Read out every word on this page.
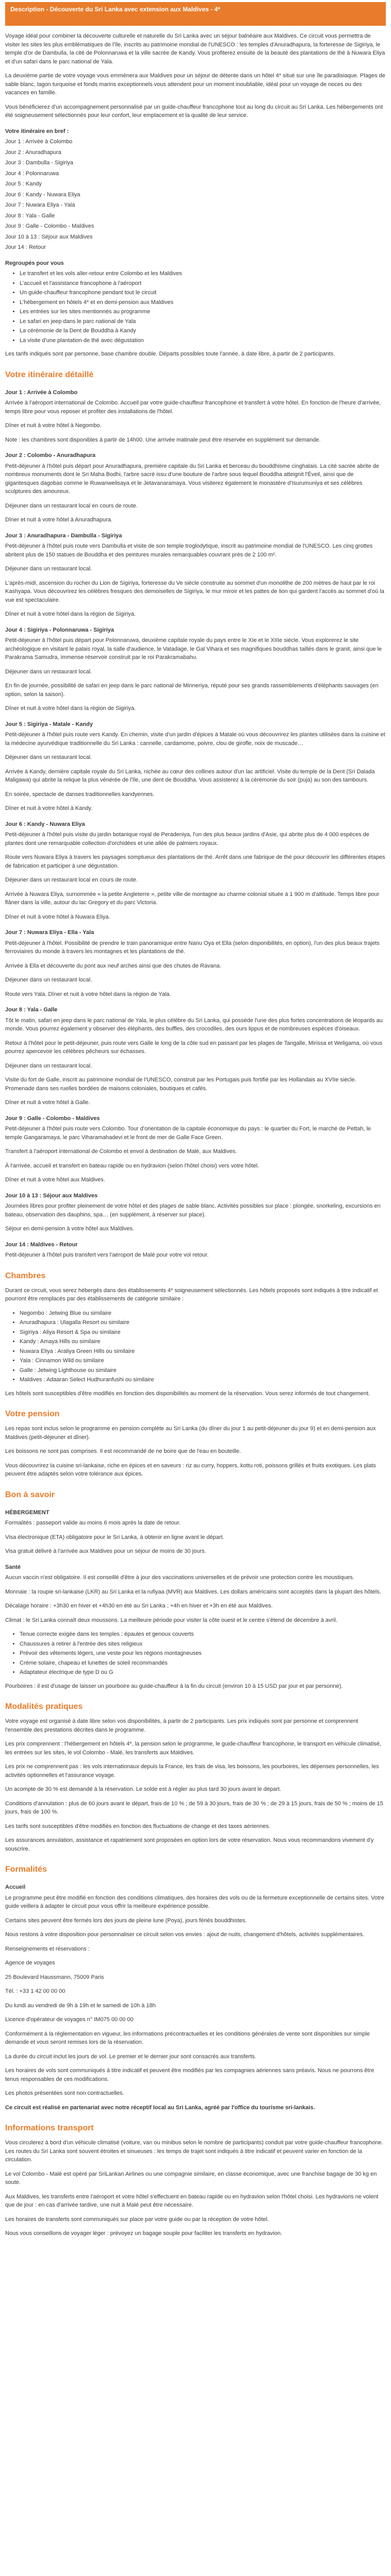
Description - Découverte du Sri Lanka avec extension aux Maldives - 4*

Voyage idéal pour combiner la découverte culturelle et naturelle du Sri Lanka avec un séjour balnéaire aux Maldives. Ce circuit vous permettra de visiter les sites les plus emblématiques de l'île, inscrits au patrimoine mondial de l'UNESCO : les temples d'Anuradhapura, la forteresse de Sigiriya, le temple d'or de Dambulla, la cité de Polonnaruwa et la ville sacrée de Kandy. Vous profiterez ensuite de la beauté des plantations de thé à Nuwara Eliya et d'un safari dans le parc national de Yala.

La deuxième partie de votre voyage vous emmènera aux Maldives pour un séjour de détente dans un hôtel 4* situé sur une île paradisiaque. Plages de sable blanc, lagon turquoise et fonds marins exceptionnels vous attendent pour un moment inoubliable, idéal pour un voyage de noces ou des vacances en famille.

Vous bénéficierez d'un accompagnement personnalisé par un guide-chauffeur francophone tout au long du circuit au Sri Lanka. Les hébergements ont été soigneusement sélectionnés pour leur confort, leur emplacement et la qualité de leur service.

Votre itinéraire en bref :

Jour 1 : Arrivée à Colombo

Jour 2 : Anuradhapura

Jour 3 : Dambulla - Sigiriya

Jour 4 : Polonnaruwa

Jour 5 : Kandy

Jour 6 : Kandy - Nuwara Eliya

Jour 7 : Nuwara Eliya - Yala

Jour 8 : Yala - Galle

Jour 9 : Galle - Colombo - Maldives

Jour 10 à 13 : Séjour aux Maldives

Jour 14 : Retour

Regroupés pour vous
• Le transfert et les vols aller-retour entre Colombo et les Maldives
• L'accueil et l'assistance francophone à l'aéroport
• Un guide-chauffeur francophone pendant tout le circuit
• L'hébergement en hôtels 4* et en demi-pension aux Maldives
• Les entrées sur les sites mentionnés au programme
• Le safari en jeep dans le parc national de Yala
• La cérémonie de la Dent de Bouddha à Kandy
• La visite d'une plantation de thé avec dégustation

Les tarifs indiqués sont par personne, base chambre double. Départs possibles toute l'année, à date libre, à partir de 2 participants.

Votre itinéraire détaillé
Jour 1 : Arrivée à Colombo

Arrivée à l'aéroport international de Colombo. Accueil par votre guide-chauffeur francophone et transfert à votre hôtel. En fonction de l'heure d'arrivée, temps libre pour vous reposer et profiter des installations de l'hôtel.

Dîner et nuit à votre hôtel à Negombo.

Note : les chambres sont disponibles à partir de 14h00. Une arrivée matinale peut être réservée en supplément sur demande.

Jour 2 : Colombo - Anuradhapura

Petit-déjeuner à l'hôtel puis départ pour Anuradhapura, première capitale du Sri Lanka et berceau du bouddhisme cinghalais. La cité sacrée abrite de nombreux monuments dont le Sri Maha Bodhi, l'arbre sacré issu d'une bouture de l'arbre sous lequel Bouddha atteignit l'Éveil, ainsi que de gigantesques dagobas comme le Ruwanwelisaya et le Jetavanaramaya. Vous visiterez également le monastère d'Isurumuniya et ses célèbres sculptures des amoureux.

Déjeuner dans un restaurant local en cours de route.

Dîner et nuit à votre hôtel à Anuradhapura.

Jour 3 : Anuradhapura - Dambulla - Sigiriya

Petit-déjeuner à l'hôtel puis route vers Dambulla et visite de son temple troglodytique, inscrit au patrimoine mondial de l'UNESCO. Les cinq grottes abritent plus de 150 statues de Bouddha et des peintures murales remarquables couvrant près de 2 100 m².

Déjeuner dans un restaurant local.

L'après-midi, ascension du rocher du Lion de Sigiriya, forteresse du Ve siècle construite au sommet d'un monolithe de 200 mètres de haut par le roi Kashyapa. Vous découvrirez les célèbres fresques des demoiselles de Sigiriya, le mur miroir et les pattes de lion qui gardent l'accès au sommet d'où la vue est spectaculaire.

Dîner et nuit à votre hôtel dans la région de Sigiriya.

Jour 4 : Sigiriya - Polonnaruwa - Sigiriya

Petit-déjeuner à l'hôtel puis départ pour Polonnaruwa, deuxième capitale royale du pays entre le XIe et le XIIIe siècle. Vous explorerez le site archéologique en visitant le palais royal, la salle d'audience, le Vatadage, le Gal Vihara et ses magnifiques bouddhas taillés dans le granit, ainsi que le Parakrama Samudra, immense réservoir construit par le roi Parakramabahu.

Déjeuner dans un restaurant local.

En fin de journée, possibilité de safari en jeep dans le parc national de Minneriya, réputé pour ses grands rassemblements d'éléphants sauvages (en option, selon la saison).

Dîner et nuit à votre hôtel dans la région de Sigiriya.

Jour 5 : Sigiriya - Matale - Kandy

Petit-déjeuner à l'hôtel puis route vers Kandy. En chemin, visite d'un jardin d'épices à Matale où vous découvrirez les plantes utilisées dans la cuisine et la médecine ayurvédique traditionnelle du Sri Lanka : cannelle, cardamome, poivre, clou de girofle, noix de muscade…

Déjeuner dans un restaurant local.

Arrivée à Kandy, dernière capitale royale du Sri Lanka, nichée au cœur des collines autour d'un lac artificiel. Visite du temple de la Dent (Sri Dalada Maligawa) qui abrite la relique la plus vénérée de l'île, une dent de Bouddha. Vous assisterez à la cérémonie du soir (puja) au son des tambours.

En soirée, spectacle de danses traditionnelles kandyennes.

Dîner et nuit à votre hôtel à Kandy.

Jour 6 : Kandy - Nuwara Eliya

Petit-déjeuner à l'hôtel puis visite du jardin botanique royal de Peradeniya, l'un des plus beaux jardins d'Asie, qui abrite plus de 4 000 espèces de plantes dont une remarquable collection d'orchidées et une allée de palmiers royaux.

Route vers Nuwara Eliya à travers les paysages somptueux des plantations de thé. Arrêt dans une fabrique de thé pour découvrir les différentes étapes de fabrication et participer à une dégustation.

Déjeuner dans un restaurant local en cours de route.

Arrivée à Nuwara Eliya, surnommée « la petite Angleterre », petite ville de montagne au charme colonial située à 1 900 m d'altitude. Temps libre pour flâner dans la ville, autour du lac Gregory et du parc Victoria.

Dîner et nuit à votre hôtel à Nuwara Eliya.

Jour 7 : Nuwara Eliya - Ella - Yala

Petit-déjeuner à l'hôtel. Possibilité de prendre le train panoramique entre Nanu Oya et Ella (selon disponibilités, en option), l'un des plus beaux trajets ferroviaires du monde à travers les montagnes et les plantations de thé.

Arrivée à Ella et découverte du pont aux neuf arches ainsi que des chutes de Ravana.

Déjeuner dans un restaurant local.

Route vers Yala. Dîner et nuit à votre hôtel dans la région de Yala.

Jour 8 : Yala - Galle

Tôt le matin, safari en jeep dans le parc national de Yala, le plus célèbre du Sri Lanka, qui possède l'une des plus fortes concentrations de léopards au monde. Vous pourrez également y observer des éléphants, des buffles, des crocodiles, des ours lippus et de nombreuses espèces d'oiseaux.

Retour à l'hôtel pour le petit-déjeuner, puis route vers Galle le long de la côte sud en passant par les plages de Tangalle, Mirissa et Weligama, où vous pourrez apercevoir les célèbres pêcheurs sur échasses.

Déjeuner dans un restaurant local.

Visite du fort de Galle, inscrit au patrimoine mondial de l'UNESCO, construit par les Portugais puis fortifié par les Hollandais au XVIIe siècle. Promenade dans ses ruelles bordées de maisons coloniales, boutiques et cafés.

Dîner et nuit à votre hôtel à Galle.

Jour 9 : Galle - Colombo - Maldives

Petit-déjeuner à l'hôtel puis route vers Colombo. Tour d'orientation de la capitale économique du pays : le quartier du Fort, le marché de Pettah, le temple Gangaramaya, le parc Viharamahadevi et le front de mer de Galle Face Green.

Transfert à l'aéroport international de Colombo et envol à destination de Malé, aux Maldives.

À l'arrivée, accueil et transfert en bateau rapide ou en hydravion (selon l'hôtel choisi) vers votre hôtel.

Dîner et nuit à votre hôtel aux Maldives.

Jour 10 à 13 : Séjour aux Maldives

Journées libres pour profiter pleinement de votre hôtel et des plages de sable blanc. Activités possibles sur place : plongée, snorkeling, excursions en bateau, observation des dauphins, spa… (en supplément, à réserver sur place).

Séjour en demi-pension à votre hôtel aux Maldives.

Jour 14 : Maldives - Retour

Petit-déjeuner à l'hôtel puis transfert vers l'aéroport de Malé pour votre vol retour.

Chambres

Durant ce circuit, vous serez hébergés dans des établissements 4* soigneusement sélectionnés. Les hôtels proposés sont indiqués à titre indicatif et pourront être remplacés par des établissements de catégorie similaire :

• Negombo : Jetwing Blue ou similaire
• Anuradhapura : Ulagalla Resort ou similaire
• Sigiriya : Aliya Resort & Spa ou similaire
• Kandy : Amaya Hills ou similaire
• Nuwara Eliya : Araliya Green Hills ou similaire
• Yala : Cinnamon Wild ou similaire
• Galle : Jetwing Lighthouse ou similaire
• Maldives : Adaaran Select Hudhuranfushi ou similaire

Les hôtels sont susceptibles d'être modifiés en fonction des disponibilités au moment de la réservation. Vous serez informés de tout changement.

Votre pension

Les repas sont inclus selon le programme en pension complète au Sri Lanka (du dîner du jour 1 au petit-déjeuner du jour 9) et en demi-pension aux Maldives (petit-déjeuner et dîner).

Les boissons ne sont pas comprises. Il est recommandé de ne boire que de l'eau en bouteille.

Vous découvrirez la cuisine sri-lankaise, riche en épices et en saveurs : riz au curry, hoppers, kottu roti, poissons grillés et fruits exotiques. Les plats peuvent être adaptés selon votre tolérance aux épices.

Bon à savoir
HÉBERGEMENT

Formalités : passeport valide au moins 6 mois après la date de retour.

Visa électronique (ETA) obligatoire pour le Sri Lanka, à obtenir en ligne avant le départ.

Visa gratuit délivré à l'arrivée aux Maldives pour un séjour de moins de 30 jours.

Santé

Aucun vaccin n'est obligatoire. Il est conseillé d'être à jour des vaccinations universelles et de prévoir une protection contre les moustiques.

Monnaie : la roupie sri-lankaise (LKR) au Sri Lanka et la rufiyaa (MVR) aux Maldives. Les dollars américains sont acceptés dans la plupart des hôtels.

Décalage horaire : +3h30 en hiver et +4h30 en été au Sri Lanka ; +4h en hiver et +3h en été aux Maldives.

Climat : le Sri Lanka connaît deux moussons. La meilleure période pour visiter la côte ouest et le centre s'étend de décembre à avril.

• Tenue correcte exigée dans les temples : épaules et genoux couverts
• Chaussures à retirer à l'entrée des sites religieux
• Prévoir des vêtements légers, une veste pour les régions montagneuses
• Crème solaire, chapeau et lunettes de soleil recommandés
• Adaptateur électrique de type D ou G

Pourboires : il est d'usage de laisser un pourboire au guide-chauffeur à la fin du circuit (environ 10 à 15 USD par jour et par personne).

Modalités pratiques

Votre voyage est organisé à date libre selon vos disponibilités, à partir de 2 participants. Les prix indiqués sont par personne et comprennent l'ensemble des prestations décrites dans le programme.

Les prix comprennent : l'hébergement en hôtels 4*, la pension selon le programme, le guide-chauffeur francophone, le transport en véhicule climatisé, les entrées sur les sites, le vol Colombo - Malé, les transferts aux Maldives.

Les prix ne comprennent pas : les vols internationaux depuis la France, les frais de visa, les boissons, les pourboires, les dépenses personnelles, les activités optionnelles et l'assurance voyage.

Un acompte de 30 % est demandé à la réservation. Le solde est à régler au plus tard 30 jours avant le départ.

Conditions d'annulation : plus de 60 jours avant le départ, frais de 10 % ; de 59 à 30 jours, frais de 30 % ; de 29 à 15 jours, frais de 50 % ; moins de 15 jours, frais de 100 %.

Les tarifs sont susceptibles d'être modifiés en fonction des fluctuations de change et des taxes aériennes.

Les assurances annulation, assistance et rapatriement sont proposées en option lors de votre réservation. Nous vous recommandons vivement d'y souscrire.

Formalités
Accueil

Le programme peut être modifié en fonction des conditions climatiques, des horaires des vols ou de la fermeture exceptionnelle de certains sites. Votre guide veillera à adapter le circuit pour vous offrir la meilleure expérience possible.

Certains sites peuvent être fermés lors des jours de pleine lune (Poya), jours fériés bouddhistes.

Nous restons à votre disposition pour personnaliser ce circuit selon vos envies : ajout de nuits, changement d'hôtels, activités supplémentaires.

Renseignements et réservations :

Agence de voyages

25 Boulevard Haussmann, 75009 Paris

Tél. : +33 1 42 00 00 00

Du lundi au vendredi de 9h à 19h et le samedi de 10h à 18h

Licence d'opérateur de voyages n° IM075 00 00 00

Conformément à la réglementation en vigueur, les informations précontractuelles et les conditions générales de vente sont disponibles sur simple demande et vous seront remises lors de la réservation.

La durée du circuit inclut les jours de vol. Le premier et le dernier jour sont consacrés aux transferts.

Les horaires de vols sont communiqués à titre indicatif et peuvent être modifiés par les compagnies aériennes sans préavis. Nous ne pourrons être tenus responsables de ces modifications.

Les photos présentées sont non contractuelles.

Ce circuit est réalisé en partenariat avec notre réceptif local au Sri Lanka, agréé par l'office du tourisme sri-lankais.

Informations transport

Vous circulerez à bord d'un véhicule climatisé (voiture, van ou minibus selon le nombre de participants) conduit par votre guide-chauffeur francophone. Les routes du Sri Lanka sont souvent étroites et sinueuses : les temps de trajet sont indiqués à titre indicatif et peuvent varier en fonction de la circulation.

Le vol Colombo - Malé est opéré par SriLankan Airlines ou une compagnie similaire, en classe économique, avec une franchise bagage de 30 kg en soute.

Aux Maldives, les transferts entre l'aéroport et votre hôtel s'effectuent en bateau rapide ou en hydravion selon l'hôtel choisi. Les hydravions ne volent que de jour : en cas d'arrivée tardive, une nuit à Malé peut être nécessaire.

Les horaires de transferts sont communiqués sur place par votre guide ou par la réception de votre hôtel.

Nous vous conseillons de voyager léger : prévoyez un bagage souple pour faciliter les transferts en hydravion.
